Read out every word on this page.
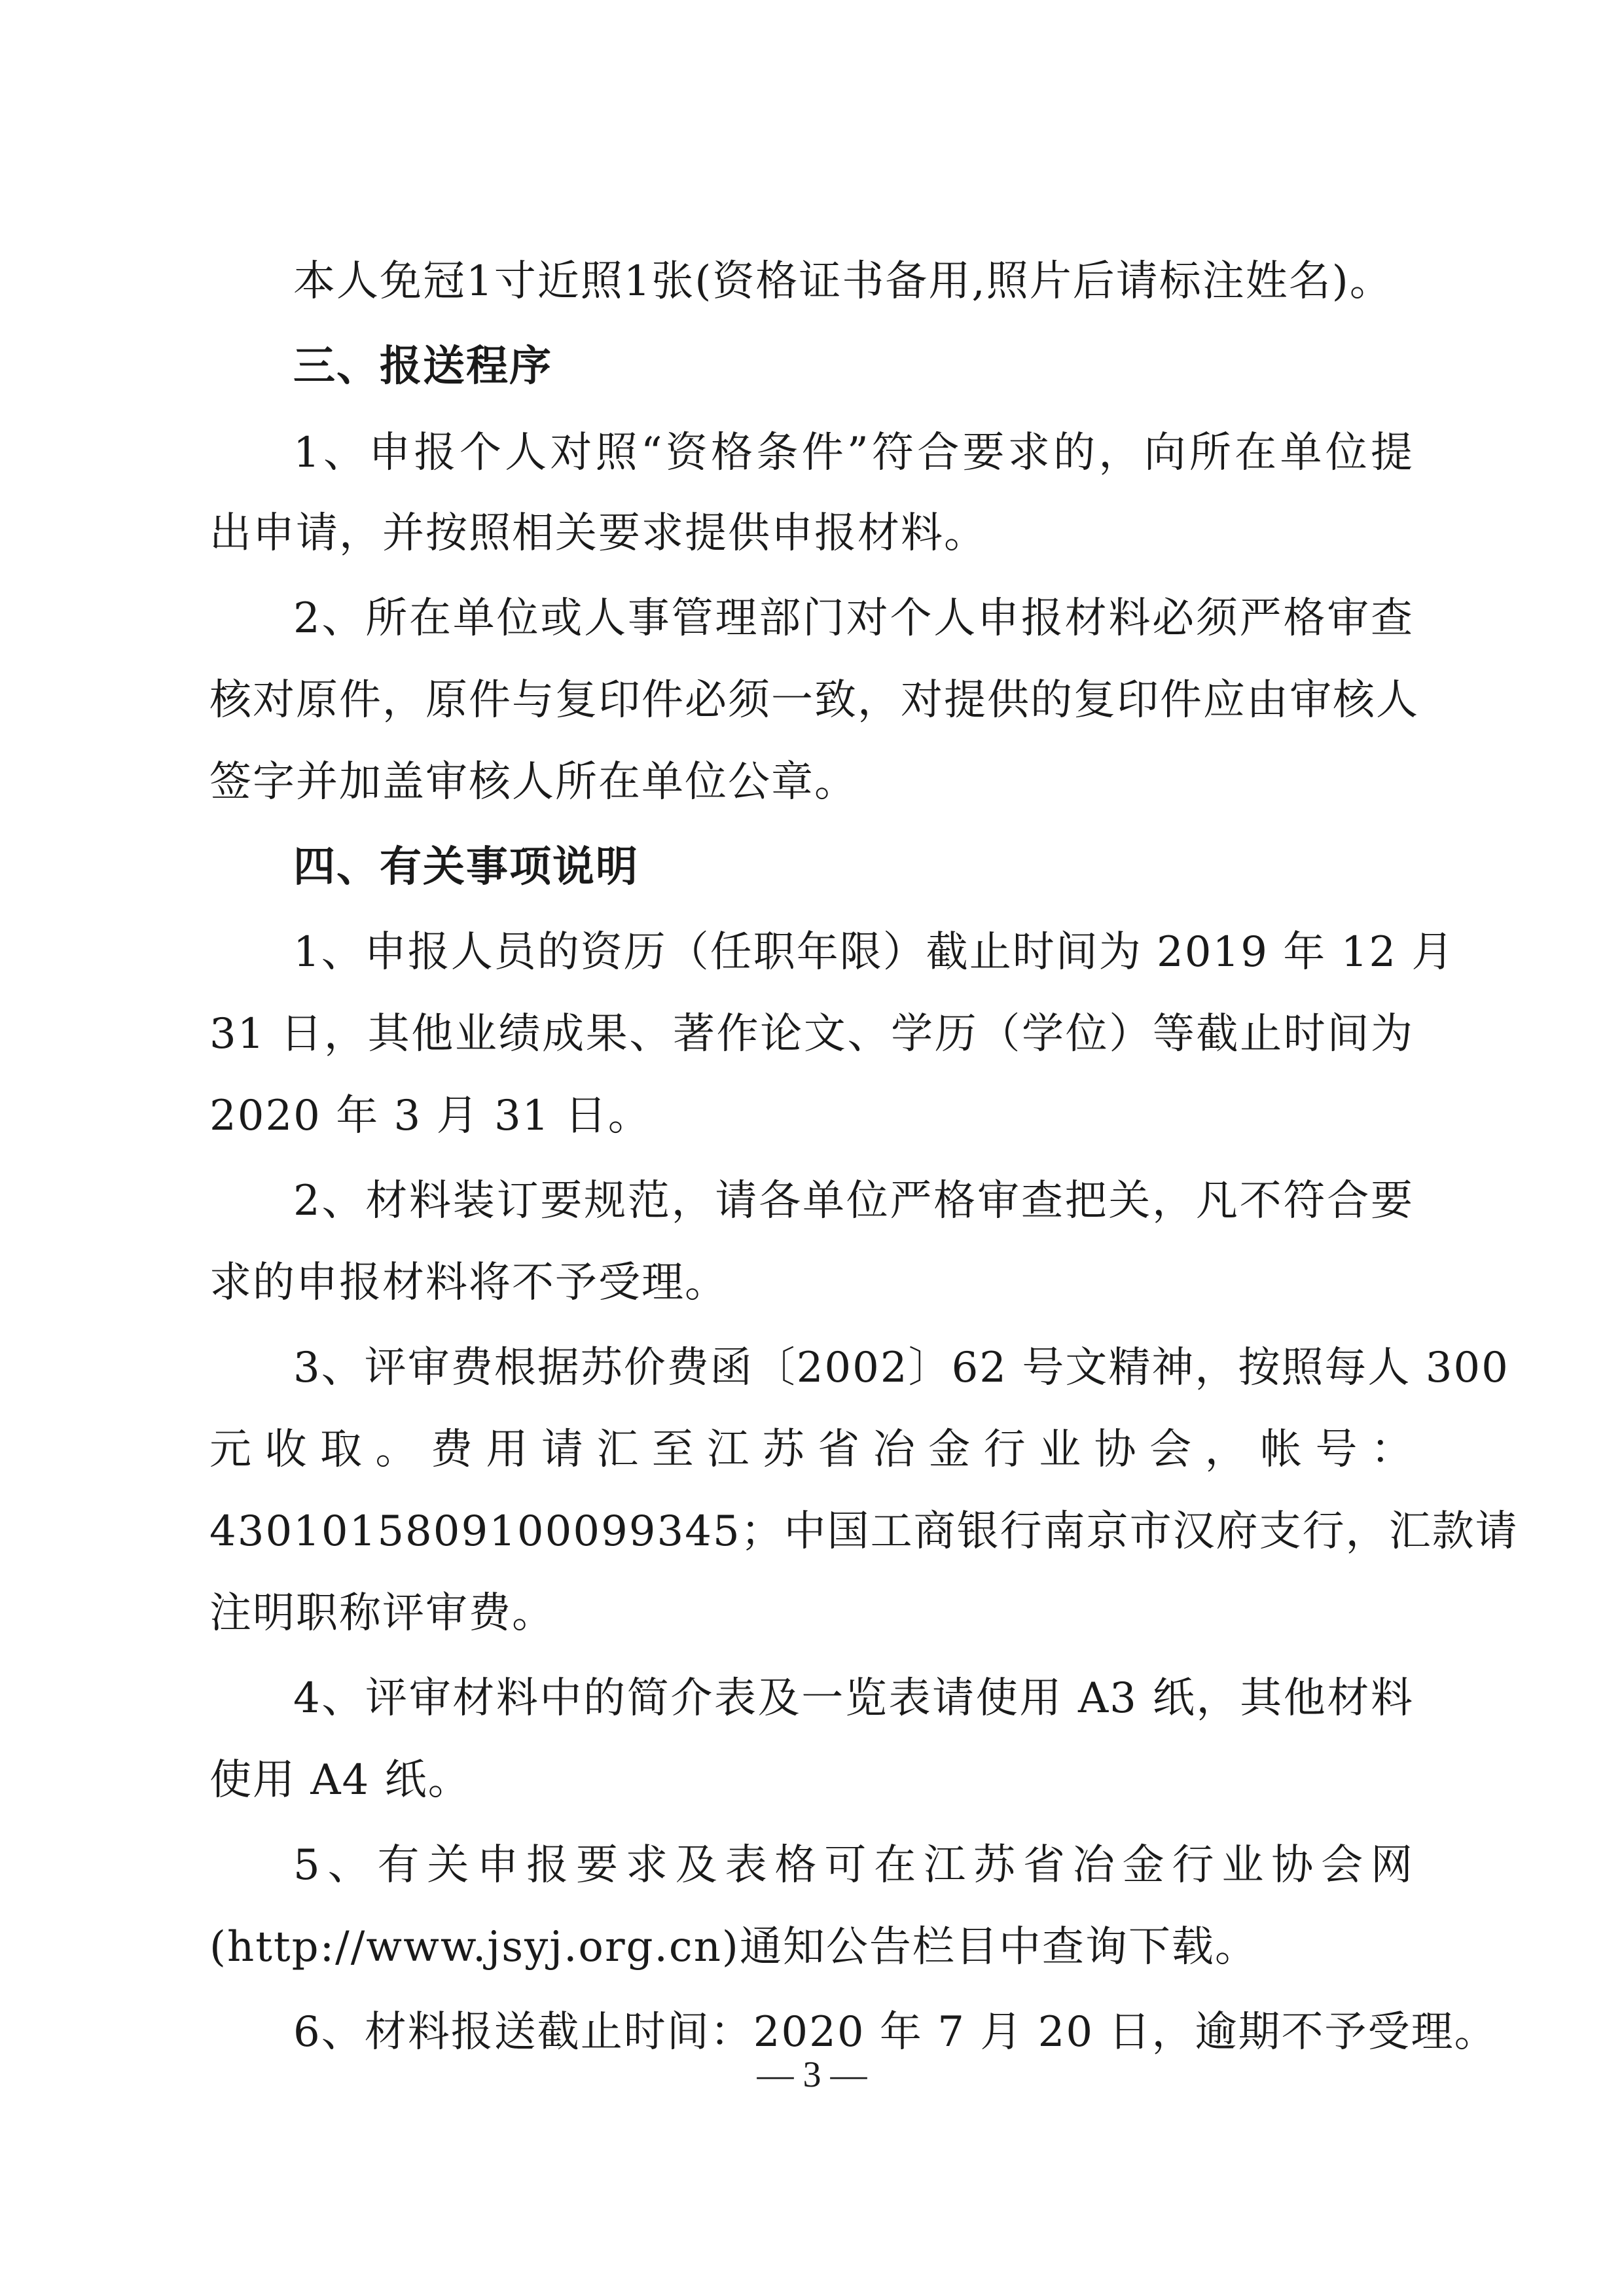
本人免冠1寸近照1张(资格证书备用,照片后请标注姓名)。
三、报送程序
1、申报个人对照“资格条件”符合要求的，向所在单位提
出申请，并按照相关要求提供申报材料。
2、所在单位或人事管理部门对个人申报材料必须严格审查
核对原件，原件与复印件必须一致，对提供的复印件应由审核人
签字并加盖审核人所在单位公章。
四、有关事项说明
1、申报人员的资历（任职年限）截止时间为 2019 年 12 月
31 日，其他业绩成果、著作论文、学历（学位）等截止时间为
2020 年 3 月 31 日。
2、材料装订要规范，请各单位严格审查把关，凡不符合要
求的申报材料将不予受理。
3、评审费根据苏价费函〔2002〕62 号文精神，按照每人 300
元收取。费用请汇至江苏省冶金行业协会，帐号：
430101580910009934​5；中国工商银行南京市汉府支行，汇款请
注明职称评审费。
4、评审材料中的简介表及一览表请使用 A3 纸，其他材料
使用 A4 纸。
5、有关申报要求及表格可在江苏省冶金行业协会网
(http://www.jsyj.org.cn)通知公告栏目中查询下载。
6、材料报送截止时间：2020 年 7 月 20 日，逾期不予受理。
— 3 —
